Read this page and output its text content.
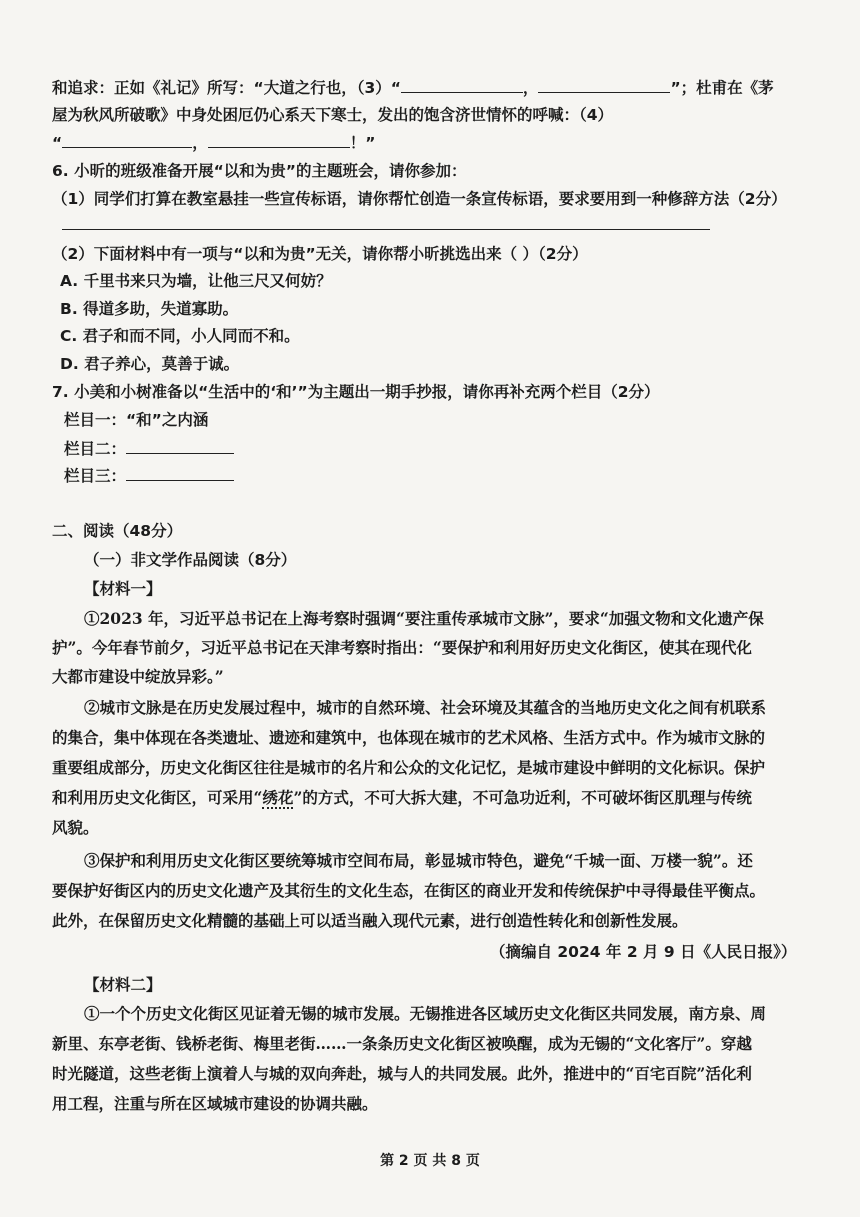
和追求：正如《礼记》所写：“大道之行也，（3）“	，	”；杜甫在《茅
屋为秋风所破歌》中身处困厄仍心系天下寒士，发出的饱含济世情怀的呼喊：（4）
“	，	！”
6. 小昕的班级准备开展“以和为贵”的主题班会，请你参加：
（1）同学们打算在教室悬挂一些宣传标语，请你帮忙创造一条宣传标语，要求要用到一种修辞方法（2分）
（2）下面材料中有一项与“以和为贵”无关，请你帮小昕挑选出来（ ）（2分）
A. 千里书来只为墙，让他三尺又何妨？
B. 得道多助，失道寡助。
C. 君子和而不同，小人同而不和。
D. 君子养心，莫善于诚。
7. 小美和小树准备以“生活中的‘和’”为主题出一期手抄报，请你再补充两个栏目（2分）
栏目一：“和”之内涵
栏目二：
栏目三：
二、阅读（48分）
（一）非文学作品阅读（8分）
【材料一】
①2023 年，习近平总书记在上海考察时强调“要注重传承城市文脉”，要求“加强文物和文化遗产保
护”。今年春节前夕，习近平总书记在天津考察时指出：“要保护和利用好历史文化街区，使其在现代化
大都市建设中绽放异彩。”
②城市文脉是在历史发展过程中，城市的自然环境、社会环境及其蕴含的当地历史文化之间有机联系
的集合，集中体现在各类遗址、遗迹和建筑中，也体现在城市的艺术风格、生活方式中。作为城市文脉的
重要组成部分，历史文化街区往往是城市的名片和公众的文化记忆，是城市建设中鲜明的文化标识。保护
和利用历史文化街区，可采用“绣花”的方式，不可大拆大建，不可急功近利，不可破坏街区肌理与传统
风貌。
③保护和利用历史文化街区要统筹城市空间布局，彰显城市特色，避免“千城一面、万楼一貌”。还
要保护好街区内的历史文化遗产及其衍生的文化生态，在街区的商业开发和传统保护中寻得最佳平衡点。
此外，在保留历史文化精髓的基础上可以适当融入现代元素，进行创造性转化和创新性发展。
（摘编自 2024 年 2 月 9 日《人民日报》）
【材料二】
①一个个历史文化街区见证着无锡的城市发展。无锡推进各区域历史文化街区共同发展，南方泉、周
新里、东亭老街、钱桥老街、梅里老街……一条条历史文化街区被唤醒，成为无锡的“文化客厅”。穿越
时光隧道，这些老街上演着人与城的双向奔赴，城与人的共同发展。此外，推进中的“百宅百院”活化利
用工程，注重与所在区域城市建设的协调共融。
第 2 页 共 8 页
